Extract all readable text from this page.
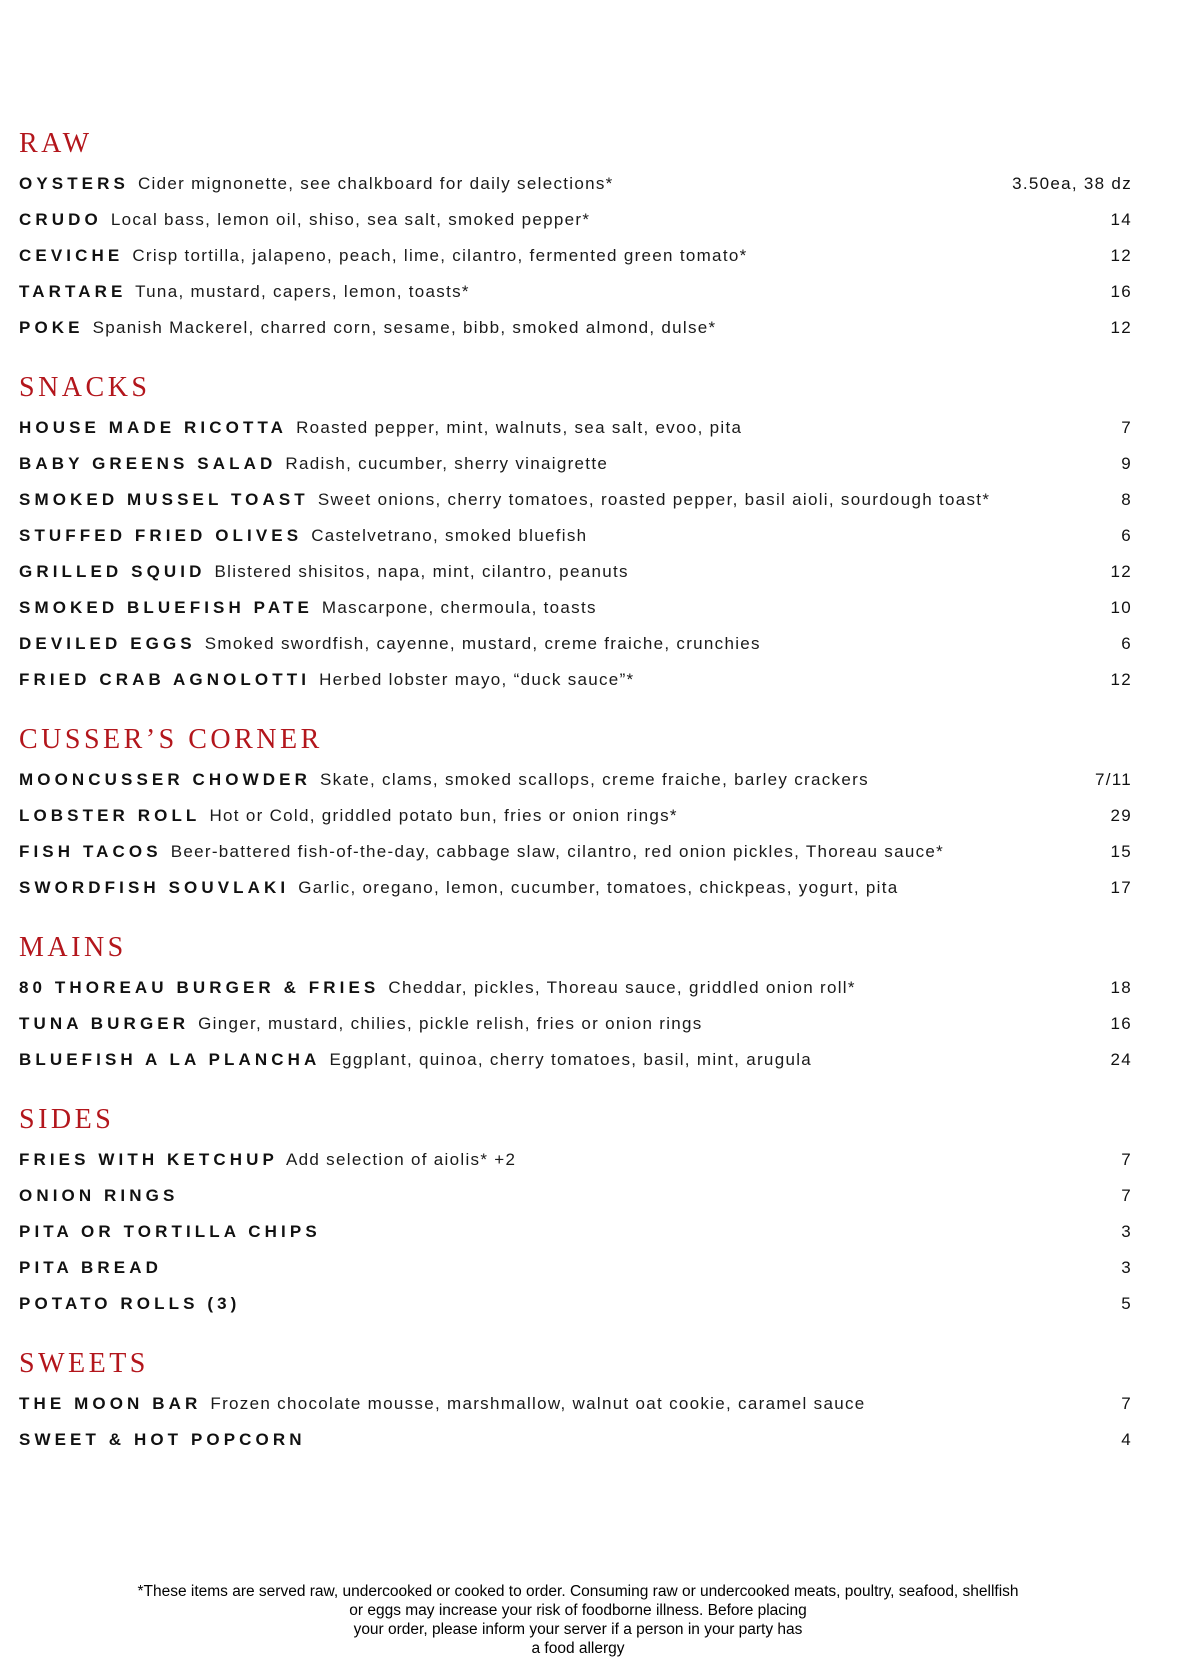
RAW
OYSTERS Cider mignonette, see chalkboard for daily selections*	3.50ea, 38 dz
CRUDO Local bass, lemon oil, shiso, sea salt, smoked pepper*	14
CEVICHE Crisp tortilla, jalapeno, peach, lime, cilantro, fermented green tomato*	12
TARTARE Tuna, mustard, capers, lemon, toasts*	16
POKE Spanish Mackerel, charred corn, sesame, bibb, smoked almond, dulse*	12
SNACKS
HOUSE MADE RICOTTA Roasted pepper, mint, walnuts, sea salt, evoo, pita	7
BABY GREENS SALAD Radish, cucumber, sherry vinaigrette	9
SMOKED MUSSEL TOAST Sweet onions, cherry tomatoes, roasted pepper, basil aioli, sourdough toast*	8
STUFFED FRIED OLIVES Castelvetrano, smoked bluefish	6
GRILLED SQUID Blistered shisitos, napa, mint, cilantro, peanuts	12
SMOKED BLUEFISH PATE Mascarpone, chermoula, toasts	10
DEVILED EGGS Smoked swordfish, cayenne, mustard, creme fraiche, crunchies	6
FRIED CRAB AGNOLOTTI Herbed lobster mayo, “duck sauce”*	12
CUSSER’S CORNER
MOONCUSSER CHOWDER Skate, clams, smoked scallops, creme fraiche, barley crackers	7/11
LOBSTER ROLL Hot or Cold, griddled potato bun, fries or onion rings*	29
FISH TACOS Beer-battered fish-of-the-day, cabbage slaw, cilantro, red onion pickles, Thoreau sauce*	15
SWORDFISH SOUVLAKI Garlic, oregano, lemon, cucumber, tomatoes, chickpeas, yogurt, pita	17
MAINS
80 THOREAU BURGER & FRIES Cheddar, pickles, Thoreau sauce, griddled onion roll*	18
TUNA BURGER Ginger, mustard, chilies, pickle relish, fries or onion rings	16
BLUEFISH A LA PLANCHA Eggplant, quinoa, cherry tomatoes, basil, mint, arugula	24
SIDES
FRIES WITH KETCHUP Add selection of aiolis* +2	7
ONION RINGS	7
PITA OR TORTILLA CHIPS	3
PITA BREAD	3
POTATO ROLLS (3)	5
SWEETS
THE MOON BAR Frozen chocolate mousse, marshmallow, walnut oat cookie, caramel sauce	7
SWEET & HOT POPCORN	4
*These items are served raw, undercooked or cooked to order. Consuming raw or undercooked meats, poultry, seafood, shellfish
or eggs may increase your risk of foodborne illness. Before placing
your order, please inform your server if a person in your party has
a food allergy
